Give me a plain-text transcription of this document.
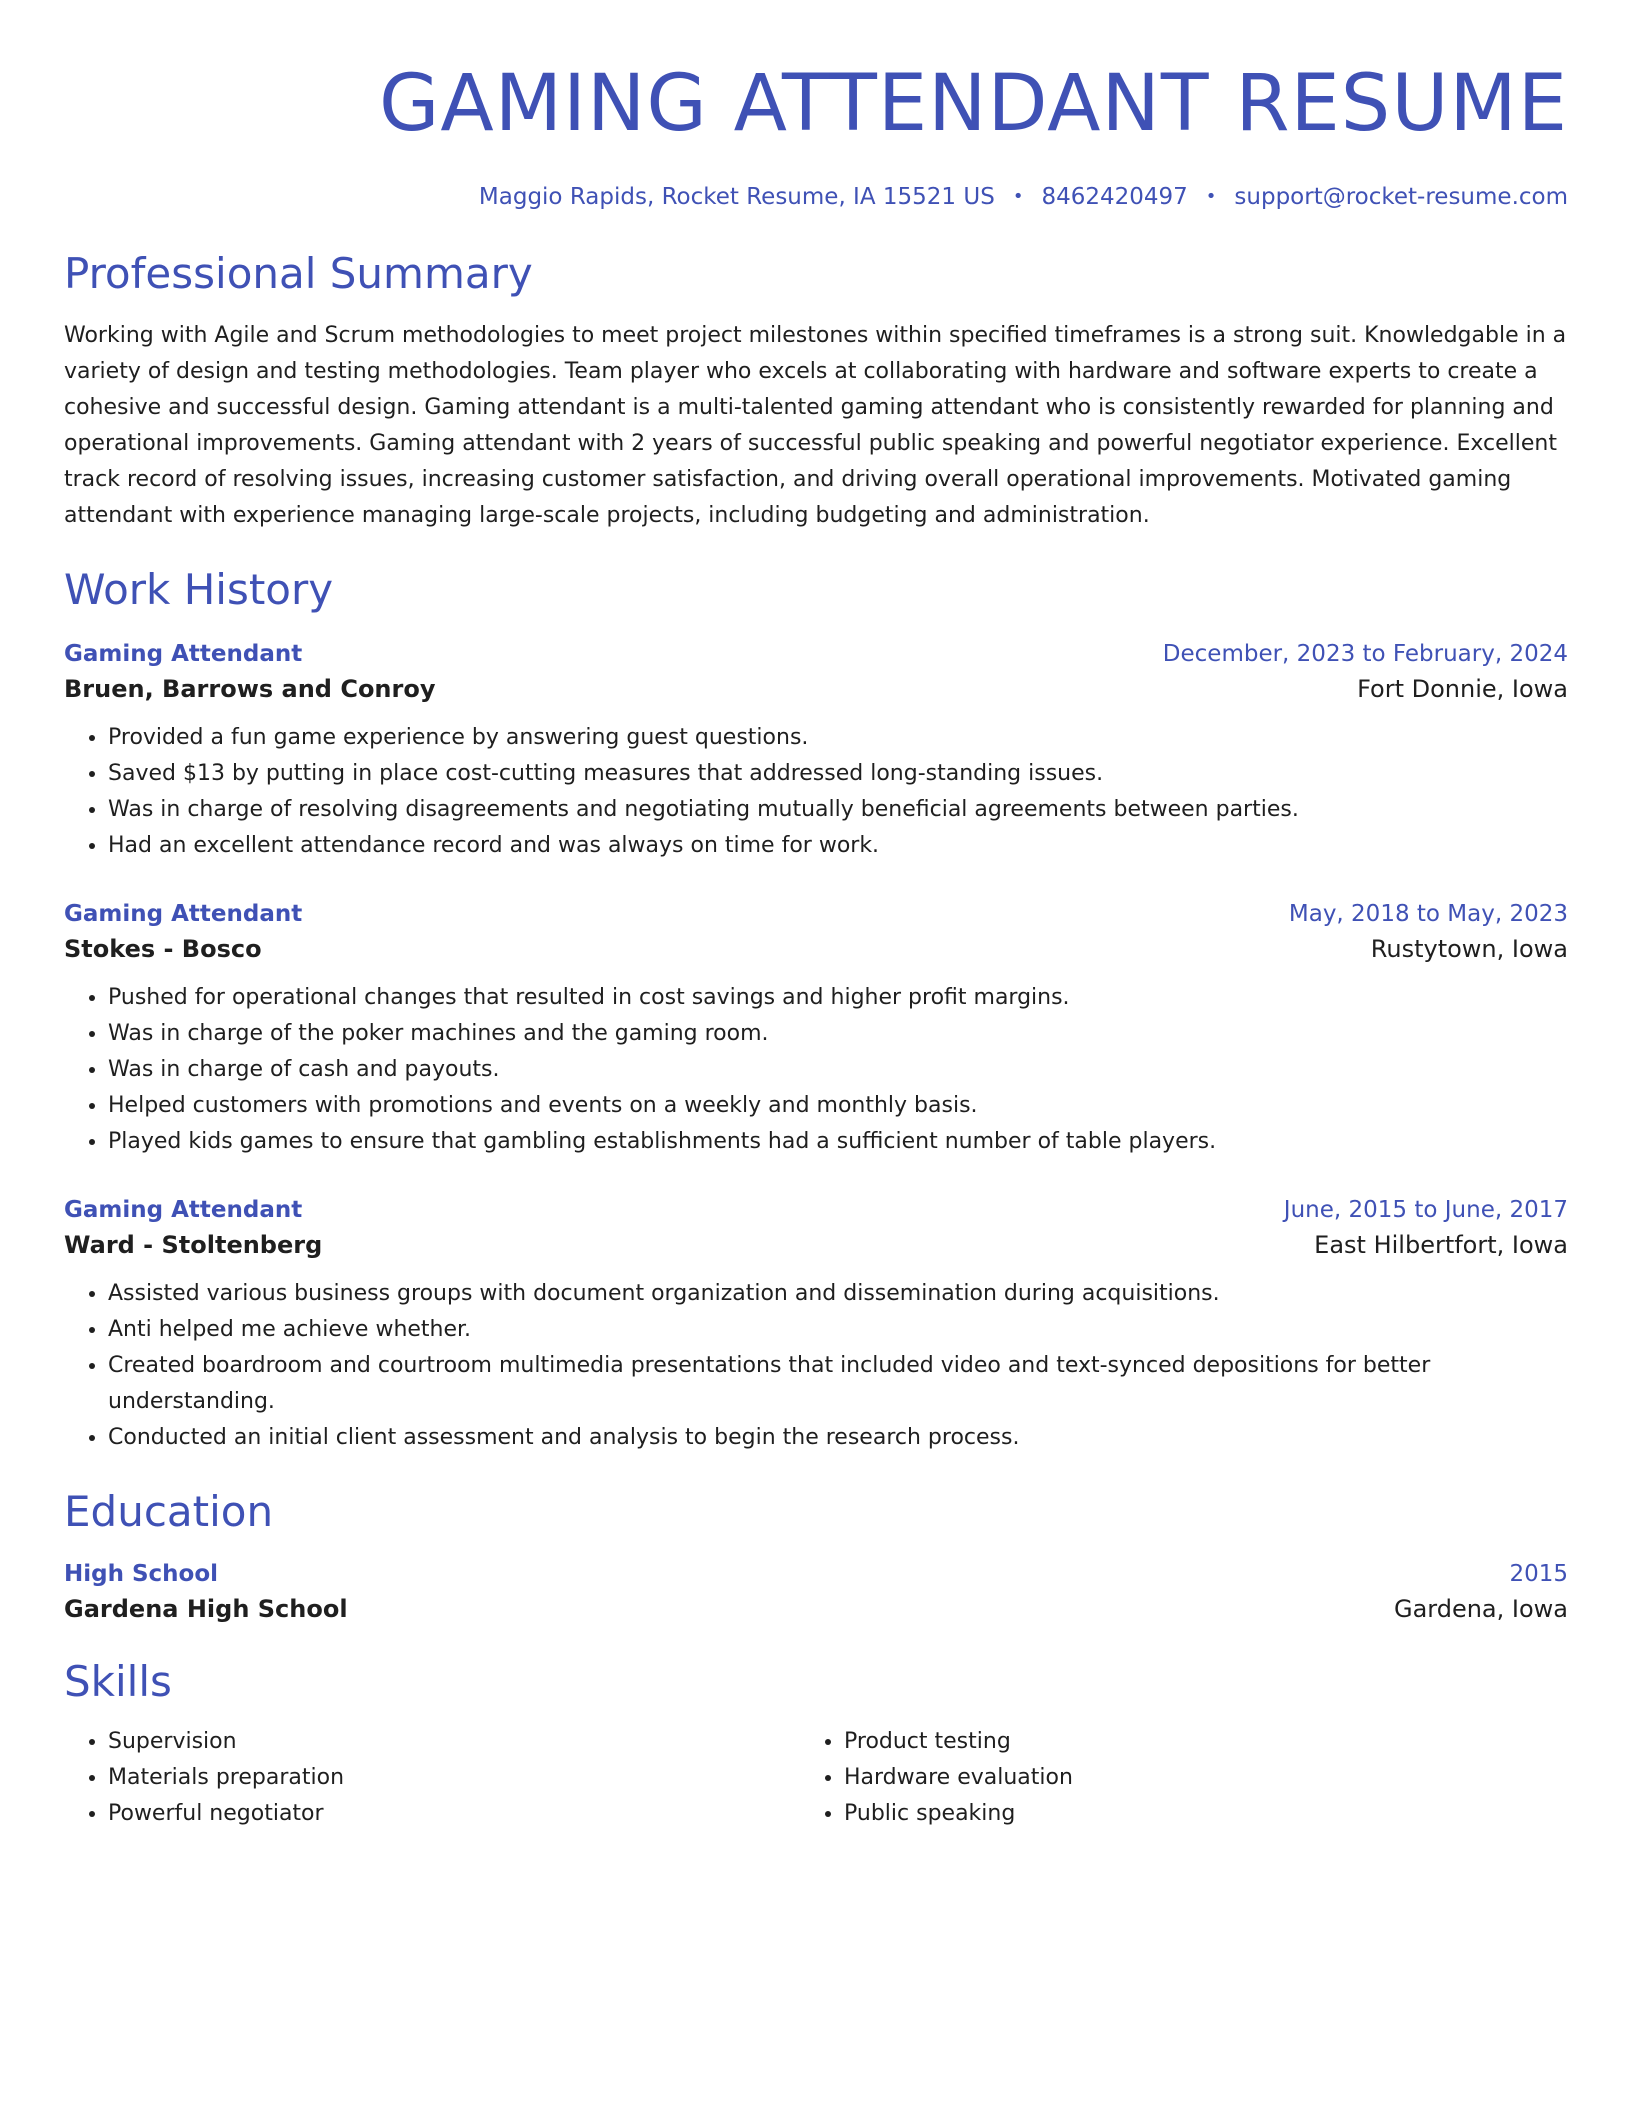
GAMING ATTENDANT RESUME
Maggio Rapids, Rocket Resume, IA 15521 US • 8462420497 • support@rocket-resume.com
Professional Summary

Working with Agile and Scrum methodologies to meet project milestones within specified timeframes is a strong suit. Knowledgable in a variety of design and testing methodologies. Team player who excels at collaborating with hardware and software experts to create a cohesive and successful design. Gaming attendant is a multi-talented gaming attendant who is consistently rewarded for planning and operational improvements. Gaming attendant with 2 years of successful public speaking and powerful negotiator experience. Excellent track record of resolving issues, increasing customer satisfaction, and driving overall operational improvements. Motivated gaming attendant with experience managing large-scale projects, including budgeting and administration.

Work History
Gaming Attendant	December, 2023 to February, 2024
Bruen, Barrows and Conroy	Fort Donnie, Iowa
• Provided a fun game experience by answering guest questions.
• Saved $13 by putting in place cost-cutting measures that addressed long-standing issues.
• Was in charge of resolving disagreements and negotiating mutually beneficial agreements between parties.
• Had an excellent attendance record and was always on time for work.
Gaming Attendant	May, 2018 to May, 2023
Stokes - Bosco	Rustytown, Iowa
• Pushed for operational changes that resulted in cost savings and higher profit margins.
• Was in charge of the poker machines and the gaming room.
• Was in charge of cash and payouts.
• Helped customers with promotions and events on a weekly and monthly basis.
• Played kids games to ensure that gambling establishments had a sufficient number of table players.
Gaming Attendant	June, 2015 to June, 2017
Ward - Stoltenberg	East Hilbertfort, Iowa
• Assisted various business groups with document organization and dissemination during acquisitions.
• Anti helped me achieve whether.
• Created boardroom and courtroom multimedia presentations that included video and text-synced depositions for better understanding.
• Conducted an initial client assessment and analysis to begin the research process.
Education
High School	2015
Gardena High School	Gardena, Iowa
Skills
• Supervision
• Materials preparation
• Powerful negotiator
• Product testing
• Hardware evaluation
• Public speaking
